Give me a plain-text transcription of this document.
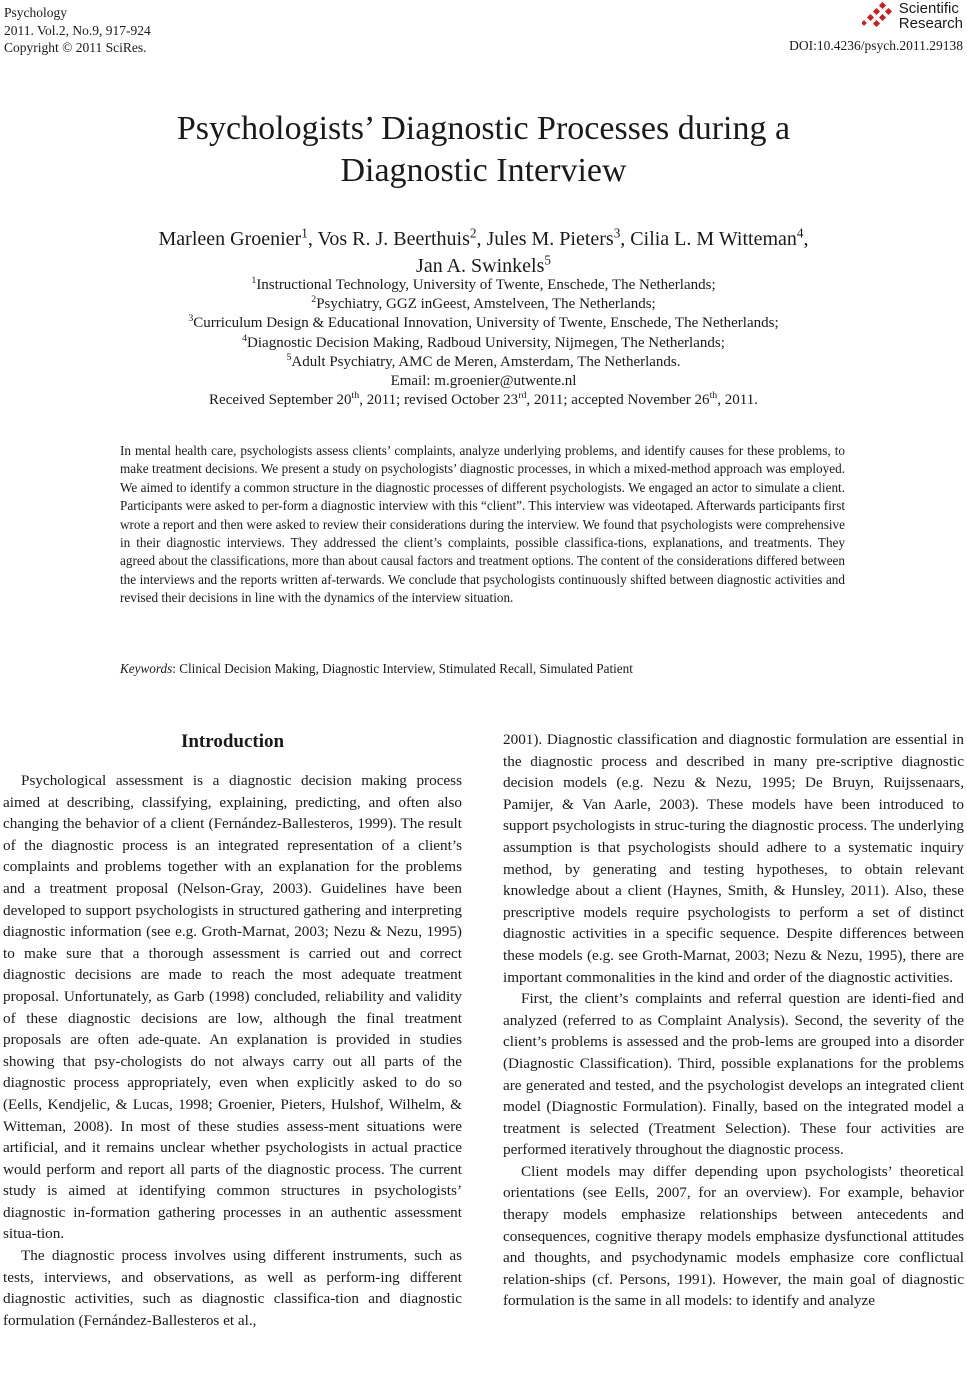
Psychology
2011. Vol.2, No.9, 917-924
Copyright © 2011 SciRes.
Scientific
Research
DOI:10.4236/psych.2011.29138
Psychologists’ Diagnostic Processes during a
Diagnostic Interview
Marleen Groenier$^1$, Vos R. J. Beerthuis$^2$, Jules M. Pieters$^3$, Cilia L. M Witteman$^4$,
Jan A. Swinkels$^5$
$^1$Instructional Technology, University of Twente, Enschede, The Netherlands;
$^2$Psychiatry, GGZ inGeest, Amstelveen, The Netherlands;
$^3$Curriculum Design & Educational Innovation, University of Twente, Enschede, The Netherlands;
$^4$Diagnostic Decision Making, Radboud University, Nijmegen, The Netherlands;
$^5$Adult Psychiatry, AMC de Meren, Amsterdam, The Netherlands.
Email: m.groenier@utwente.nl
Received September 20th, 2011; revised October 23rd, 2011; accepted November 26th, 2011.
In mental health care, psychologists assess clients’ complaints, analyze underlying problems, and identify causes for these problems, to make treatment decisions. We present a study on psychologists’ diagnostic processes, in which a mixed-method approach was employed. We aimed to identify a common structure in the diagnostic processes of different psychologists. We engaged an actor to simulate a client. Participants were asked to per-form a diagnostic interview with this “client”. This interview was videotaped. Afterwards participants first wrote a report and then were asked to review their considerations during the interview. We found that psychologists were comprehensive in their diagnostic interviews. They addressed the client’s complaints, possible classifica-tions, explanations, and treatments. They agreed about the classifications, more than about causal factors and treatment options. The content of the considerations differed between the interviews and the reports written af-terwards. We conclude that psychologists continuously shifted between diagnostic activities and revised their decisions in line with the dynamics of the interview situation.
Keywords: Clinical Decision Making, Diagnostic Interview, Stimulated Recall, Simulated Patient
Introduction

Psychological assessment is a diagnostic decision making process aimed at describing, classifying, explaining, predicting, and often also changing the behavior of a client (Fernández-Ballesteros, 1999). The result of the diagnostic process is an integrated representation of a client’s complaints and problems together with an explanation for the problems and a treatment proposal (Nelson-Gray, 2003). Guidelines have been developed to support psychologists in structured gathering and interpreting diagnostic information (see e.g. Groth-Marnat, 2003; Nezu & Nezu, 1995) to make sure that a thorough assessment is carried out and correct diagnostic decisions are made to reach the most adequate treatment proposal. Unfortunately, as Garb (1998) concluded, reliability and validity of these diagnostic decisions are low, although the final treatment proposals are often ade-quate. An explanation is provided in studies showing that psy-chologists do not always carry out all parts of the diagnostic process appropriately, even when explicitly asked to do so (Eells, Kendjelic, & Lucas, 1998; Groenier, Pieters, Hulshof, Wilhelm, & Witteman, 2008). In most of these studies assess-ment situations were artificial, and it remains unclear whether psychologists in actual practice would perform and report all parts of the diagnostic process. The current study is aimed at identifying common structures in psychologists’ diagnostic in-formation gathering processes in an authentic assessment situa-tion.

The diagnostic process involves using different instruments, such as tests, interviews, and observations, as well as perform-ing different diagnostic activities, such as diagnostic classifica-tion and diagnostic formulation (Fernández-Ballesteros et al.,

2001). Diagnostic classification and diagnostic formulation are essential in the diagnostic process and described in many pre-scriptive diagnostic decision models (e.g. Nezu & Nezu, 1995; De Bruyn, Ruijssenaars, Pamijer, & Van Aarle, 2003). These models have been introduced to support psychologists in struc-turing the diagnostic process. The underlying assumption is that psychologists should adhere to a systematic inquiry method, by generating and testing hypotheses, to obtain relevant knowledge about a client (Haynes, Smith, & Hunsley, 2011). Also, these prescriptive models require psychologists to perform a set of distinct diagnostic activities in a specific sequence. Despite differences between these models (e.g. see Groth-Marnat, 2003; Nezu & Nezu, 1995), there are important commonalities in the kind and order of the diagnostic activities.

First, the client’s complaints and referral question are identi-fied and analyzed (referred to as Complaint Analysis). Second, the severity of the client’s problems is assessed and the prob-lems are grouped into a disorder (Diagnostic Classification). Third, possible explanations for the problems are generated and tested, and the psychologist develops an integrated client model (Diagnostic Formulation). Finally, based on the integrated model a treatment is selected (Treatment Selection). These four activities are performed iteratively throughout the diagnostic process.

Client models may differ depending upon psychologists’ theoretical orientations (see Eells, 2007, for an overview). For example, behavior therapy models emphasize relationships between antecedents and consequences, cognitive therapy models emphasize dysfunctional attitudes and thoughts, and psychodynamic models emphasize core conflictual relation-ships (cf. Persons, 1991). However, the main goal of diagnostic formulation is the same in all models: to identify and analyze
